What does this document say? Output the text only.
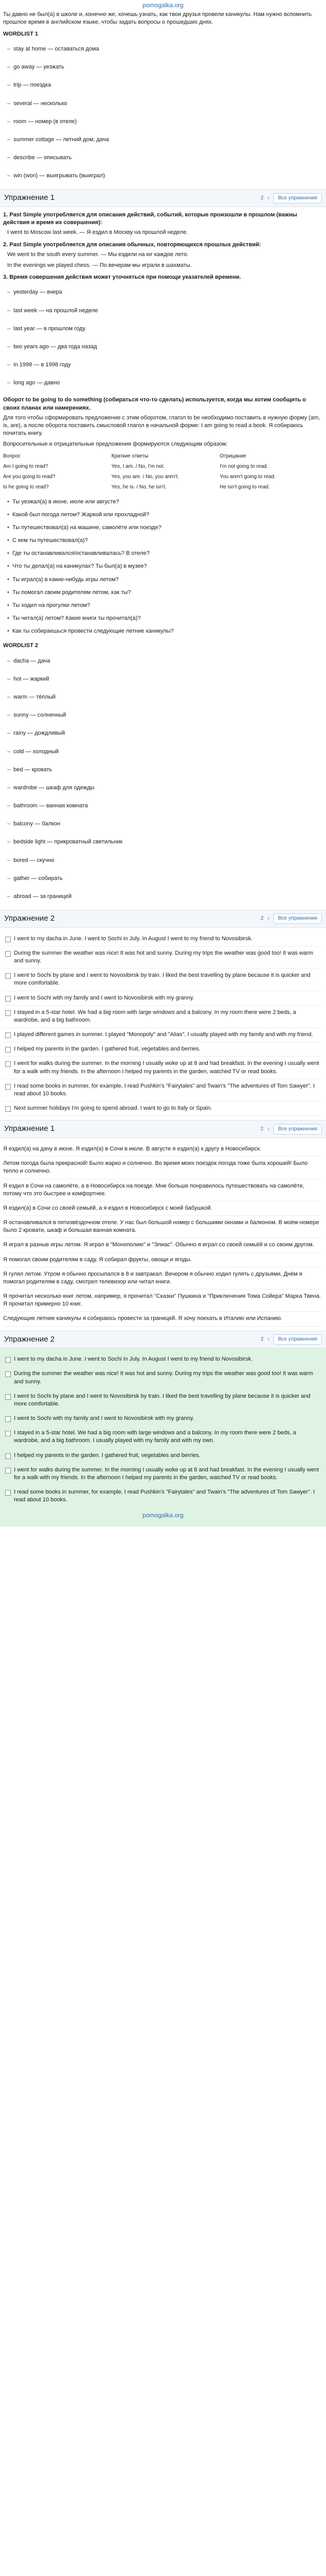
pomogalka.org

Ты давно не был(а) в школе и, конечно же, хочешь узнать, как твои друзья провели каникулы. Нам нужно вспомнить прошлое время в английском языке, чтобы задать вопросы о прошедших днях.

WORDLIST 1
– stay at home — оставаться дома
– go away — уезжать
– trip — поездка
– several — несколько
– room — номер (в отеле)
– summer cottage — летний дом; дача
– describe — описывать
– win (won) — выигрывать (выиграл)
Упражнение 1	2 ›	Все упражнения
1. Past Simple употребляется для описания действий, событий, которые произошли в прошлом (важны действия и время их совершения):

I went to Moscow last week. — Я ездил в Москву на прошлой неделе.

2. Past Simple употребляется для описания обычных, повторяющихся прошлых действий:

We went to the south every summer. — Мы ездили на юг каждое лето.

In the evenings we played chess. — По вечерам мы играли в шахматы.

3. Время совершения действия может уточняться при помощи указателей времени.
– yesterday — вчера
– last week — на прошлой неделе
– last year — в прошлом году
– two years ago — два года назад
– in 1998 — в 1998 году
– long ago — давно
Оборот to be going to do something (собираться что-то сделать) используется, когда мы хотим сообщить о своих планах или намерениях.

Для того чтобы сформировать предложение с этим оборотом, глагол to be необходимо поставить в нужную форму (am, is, are), а после оборота поставить смысловой глагол в начальной форме: I am going to read a book. Я собираюсь почитать книгу.

Вопросительные и отрицательные предложения формируются следующим образом:

Вопрос	Краткие ответы	Отрицание
Am I going to read?	Yes, I am. / No, I'm not.	I'm not going to read.
Are you going to read?	Yes, you are. / No, you aren't.	You aren't going to read.
Is he going to read?	Yes, he is. / No, he isn't.	He isn't going to read.
• Ты уезжал(а) в июне, июле или августе?
• Какой был погода летом? Жаркой или прохладной?
• Ты путешествовал(а) на машине, самолёте или поезде?
• С кем ты путешествовал(а)?
• Где ты останавливался/останавливалась? В отеле?
• Что ты делал(а) на каникулах? Ты был(а) в музее?
• Ты играл(а) в какие-нибудь игры летом?
• Ты помогал своим родителям летом, как ты?
• Ты ходил на прогулки летом?
• Ты читал(а) летом? Какие книги ты прочитал(а)?
• Как ты собираешься провести следующие летние каникулы?
WORDLIST 2
– dacha — дача
– hot — жаркий
– warm — тёплый
– sunny — солнечный
– rainy — дождливый
– cold — холодный
– bed — кровать
– wardrobe — шкаф для одежды
– bathroom — ванная комната
– balcony — балкон
– bedside light — прикроватный светильник
– bored — скучно
– gather — собирать
– abroad — за границей
Упражнение 2	2 ›	Все упражнения
I went to my dacha in June. I went to Sochi in July. In August I went to my friend to Novosibirsk.
During the summer the weather was nice! It was hot and sunny. During my trips the weather was good too! It was warm and sunny.
I went to Sochi by plane and I went to Novosibirsk by train. I liked the best travelling by plane because it is quicker and more comfortable.
I went to Sochi with my family and I went to Novosibirsk with my granny.
I stayed in a 5-star hotel. We had a big room with large windows and a balcony. In my room there were 2 beds, a wardrobe, and a big bathroom.
I played different games in summer. I played "Monopoly" and "Alias". I usually played with my family and with my friend.
I helped my parents in the garden. I gathered fruit, vegetables and berries.
I went for walks during the summer. In the morning I usually woke up at 8 and had breakfast. In the evening I usually went for a walk with my friends. In the afternoon I helped my parents in the garden, watched TV or read books.
I read some books in summer, for example, I read Pushkin's "Fairytales" and Twain's "The adventures of Tom Sawyer". I read about 10 books.
Next summer holidays I'm going to spend abroad. I want to go to Italy or Spain.
Упражнение 1	2 ›	Все упражнения
Я ездил(а) на дачу в июне. Я ездил(а) в Сочи в июле. В августе я ездил(а) к другу в Новосибирск.
Летом погода была прекрасной! Было жарко и солнечно. Во время моих поездок погода тоже была хорошей! Было тепло и солнечно.
Я ездил в Сочи на самолёте, а в Новосибирск на поезде. Мне больше понравилось путешествовать на самолёте, потому что это быстрее и комфортнее.
Я ездил(а) в Сочи со своей семьёй, а я ездил в Новосибирск с моей бабушкой.
Я останавливался в пятизвёздочном отеле. У нас был большой номер с большими окнами и балконом. В моём номере было 2 кровати, шкаф и большая ванная комната.
Я играл в разные игры летом. Я играл в "Монополию" и "Элиас". Обычно я играл со своей семьёй и со своим другом.
Я помогал своим родителям в саду. Я собирал фрукты, овощи и ягоды.
Я гулял летом. Утром я обычно просыпался в 8 и завтракал. Вечером я обычно ходил гулять с друзьями. Днём я помогал родителям в саду, смотрел телевизор или читал книги.
Я прочитал несколько книг летом, например, я прочитал "Сказки" Пушкина и "Приключения Тома Сойера" Марка Твена. Я прочитал примерно 10 книг.
Следующие летние каникулы я собираюсь провести за границей. Я хочу поехать в Италию или Испанию.
Упражнение 2	2 ›	Все упражнения
I went to my dacha in June. I went to Sochi in July. In August I went to my friend to Novosibirsk.
During the summer the weather was nice! It was hot and sunny. During my trips the weather was good too! It was warm and sunny.
I went to Sochi by plane and I went to Novosibirsk by train. I liked the best travelling by plane because it is quicker and more comfortable.
I went to Sochi with my family and I went to Novosibirsk with my granny.
I stayed in a 5-star hotel. We had a big room with large windows and a balcony. In my room there were 2 beds, a wardrobe, and a big bathroom. I usually played with my family and with my own.
I helped my parents in the garden. I gathered fruit, vegetables and berries.
I went for walks during the summer. In the morning I usually woke up at 8 and had breakfast. In the evening I usually went for a walk with my friends. In the afternoon I helped my parents in the garden, watched TV or read books.
I read some books in summer, for example, I read Pushkin's "Fairytales" and Twain's "The adventures of Tom Sawyer". I read about 10 books.
pomogalka.org
